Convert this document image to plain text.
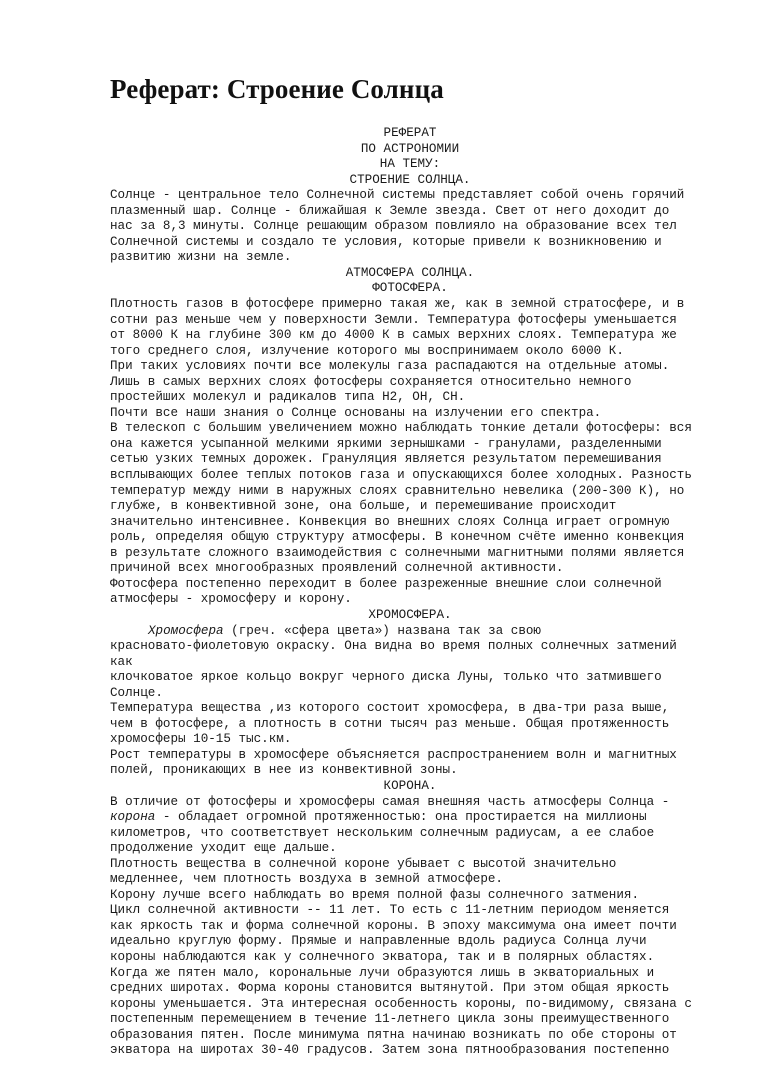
Реферат: Строение Солнца
РЕФЕРАТ
ПО АСТРОНОМИИ
НА ТЕМУ:
СТРОЕНИЕ СОЛНЦА.
Солнце - центральное тело Солнечной системы представляет собой очень горячий
плазменный шар. Солнце - ближайшая к Земле звезда. Свет от него доходит до
нас за 8,3 минуты. Солнце решающим образом повлияло на образование всех тел
Солнечной системы и создало те условия, которые привели к возникновению и
развитию жизни на земле.
АТМОСФЕРА СОЛНЦА.
ФОТОСФЕРА.
Плотность газов в фотосфере примерно такая же, как в земной стратосфере, и в
сотни раз меньше чем у поверхности Земли. Температура фотосферы уменьшается
от 8000 К на глубине 300 км до 4000 К в самых верхних слоях. Температура же
того среднего слоя, излучение которого мы воспринимаем около 6000 К.
При таких условиях почти все молекулы газа распадаются на отдельные атомы.
Лишь в самых верхних слоях фотосферы сохраняется относительно немного
простейших молекул и радикалов типа Н2, ОН, СН.
Почти все наши знания о Солнце основаны на излучении его спектра.
В телескоп с большим увеличением можно наблюдать тонкие детали фотосферы: вся
она кажется усыпанной мелкими яркими зернышками - гранулами, разделенными
сетью узких темных дорожек. Грануляция является результатом перемешивания
всплывающих более теплых потоков газа и опускающихся более холодных. Разность
температур между ними в наружных слоях сравнительно невелика (200-300 К), но
глубже, в конвективной зоне, она больше, и перемешивание происходит
значительно интенсивнее. Конвекция во внешних слоях Солнца играет огромную
роль, определяя общую структуру атмосферы. В конечном счёте именно конвекция
в результате сложного взаимодействия с солнечными магнитными полями является
причиной всех многообразных проявлений солнечной активности.
Фотосфера постепенно переходит в более разреженные внешние слои солнечной
атмосферы - хромосферу и корону.
ХРОМОСФЕРА.
Хромосфера (греч. «сфера цвета») названа так за свою
красновато-фиолетовую окраску. Она видна во время полных солнечных затмений
как
клочковатое яркое кольцо вокруг черного диска Луны, только что затмившего
Солнце.
Температура вещества ,из которого состоит хромосфера, в два-три раза выше,
чем в фотосфере, а плотность в сотни тысяч раз меньше. Общая протяженность
хромосферы 10-15 тыс.км.
Рост температуры в хромосфере объясняется распространением волн и магнитных
полей, проникающих в нее из конвективной зоны.
КОРОНА.
В отличие от фотосферы и хромосферы самая внешняя часть атмосферы Солнца -
корона - обладает огромной протяженностью: она простирается на миллионы
километров, что соответствует нескольким солнечным радиусам, а ее слабое
продолжение уходит еще дальше.
Плотность вещества в солнечной короне убывает с высотой значительно
медленнее, чем плотность воздуха в земной атмосфере.
Корону лучше всего наблюдать во время полной фазы солнечного затмения.
Цикл солнечной активности -- 11 лет. То есть с 11-летним периодом меняется
как яркость так и форма солнечной короны. В эпоху максимума она имеет почти
идеально круглую форму. Прямые и направленные вдоль радиуса Солнца лучи
короны наблюдаются как у солнечного экватора, так и в полярных областях.
Когда же пятен мало, корональные лучи образуются лишь в экваториальных и
средних широтах. Форма короны становится вытянутой. При этом общая яркость
короны уменьшается. Эта интересная особенность короны, по-видимому, связана с
постепенным перемещением в течение 11-летнего цикла зоны преимущественного
образования пятен. После минимума пятна начинаю возникать по обе стороны от
экватора на широтах 30-40 градусов. Затем зона пятнообразования постепенно
